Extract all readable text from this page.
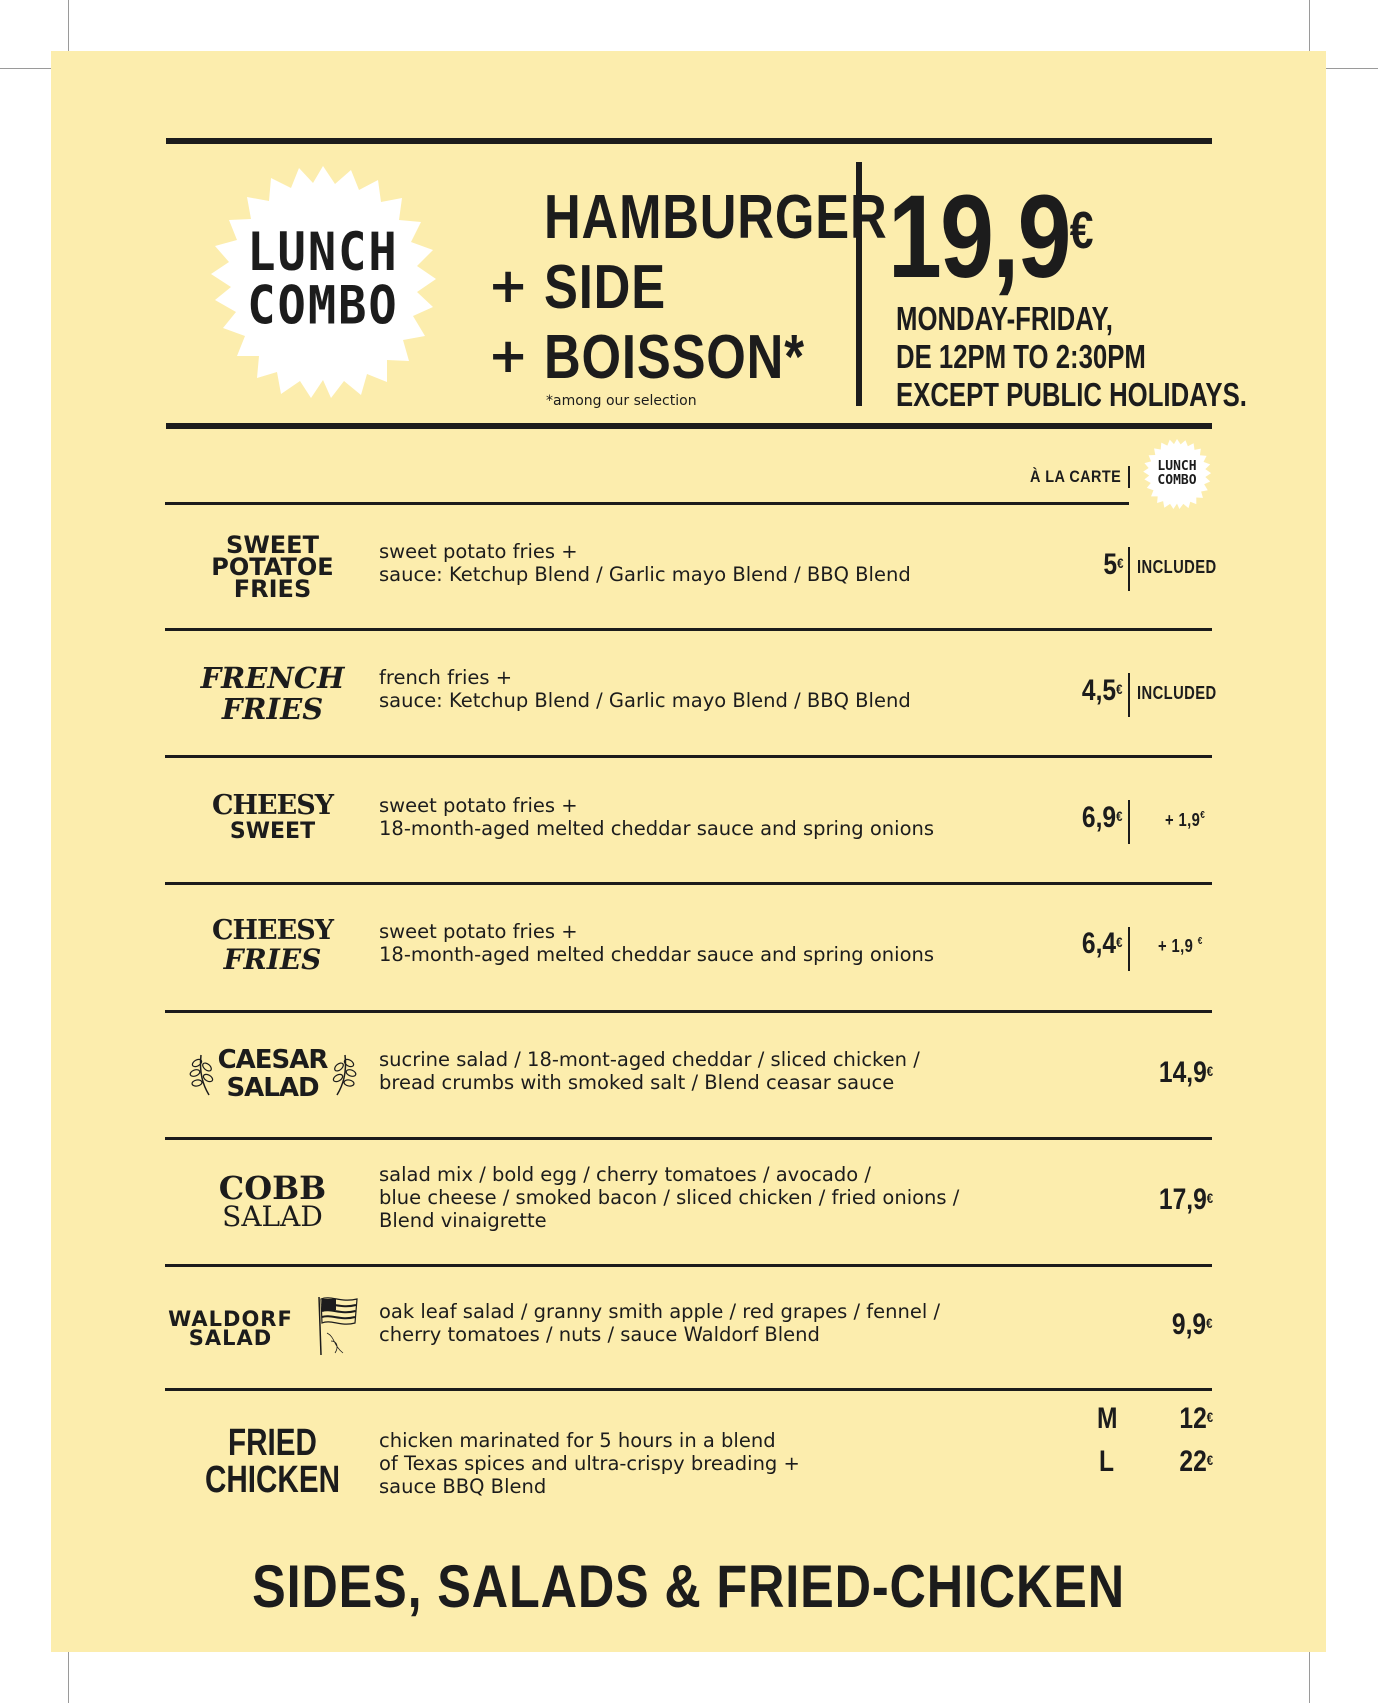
LUNCH
COMBO
HAMBURGER
+ SIDE
+ BOISSON*
*among our selection
19,9€
MONDAY-FRIDAY,
DE 12PM TO 2:30PM
EXCEPT PUBLIC HOLIDAYS.
À LA CARTE
LUNCH
COMBO
SWEET
POTATOE
FRIES
sweet potato fries +
sauce: Ketchup Blend / Garlic mayo Blend / BBQ Blend	5€ INCLUDED
FRENCH
FRIES
french fries +
sauce: Ketchup Blend / Garlic mayo Blend / BBQ Blend	4,5€ INCLUDED
CHEESY
SWEET
sweet potato fries +
18-month-aged melted cheddar sauce and spring onions	6,9€ + 1,9€
CHEESY
FRIES
sweet potato fries +
18-month-aged melted cheddar sauce and spring onions	6,4€ + 1,9 €
CAESAR
SALAD
sucrine salad / 18-mont-aged cheddar / sliced chicken /
bread crumbs with smoked salt / Blend ceasar sauce	14,9€
COBB
SALAD
salad mix / bold egg / cherry tomatoes / avocado /
blue cheese / smoked bacon / sliced chicken / fried onions /
Blend vinaigrette
17,9€
WALDORF
SALAD
oak leaf salad / granny smith apple / red grapes / fennel /
cherry tomatoes / nuts / sauce Waldorf Blend	9,9€
FRIED
CHICKEN
chicken marinated for 5 hours in a blend
of Texas spices and ultra-crispy breading +
sauce BBQ Blend
M 12€
L 22€
SIDES, SALADS & FRIED-CHICKEN
